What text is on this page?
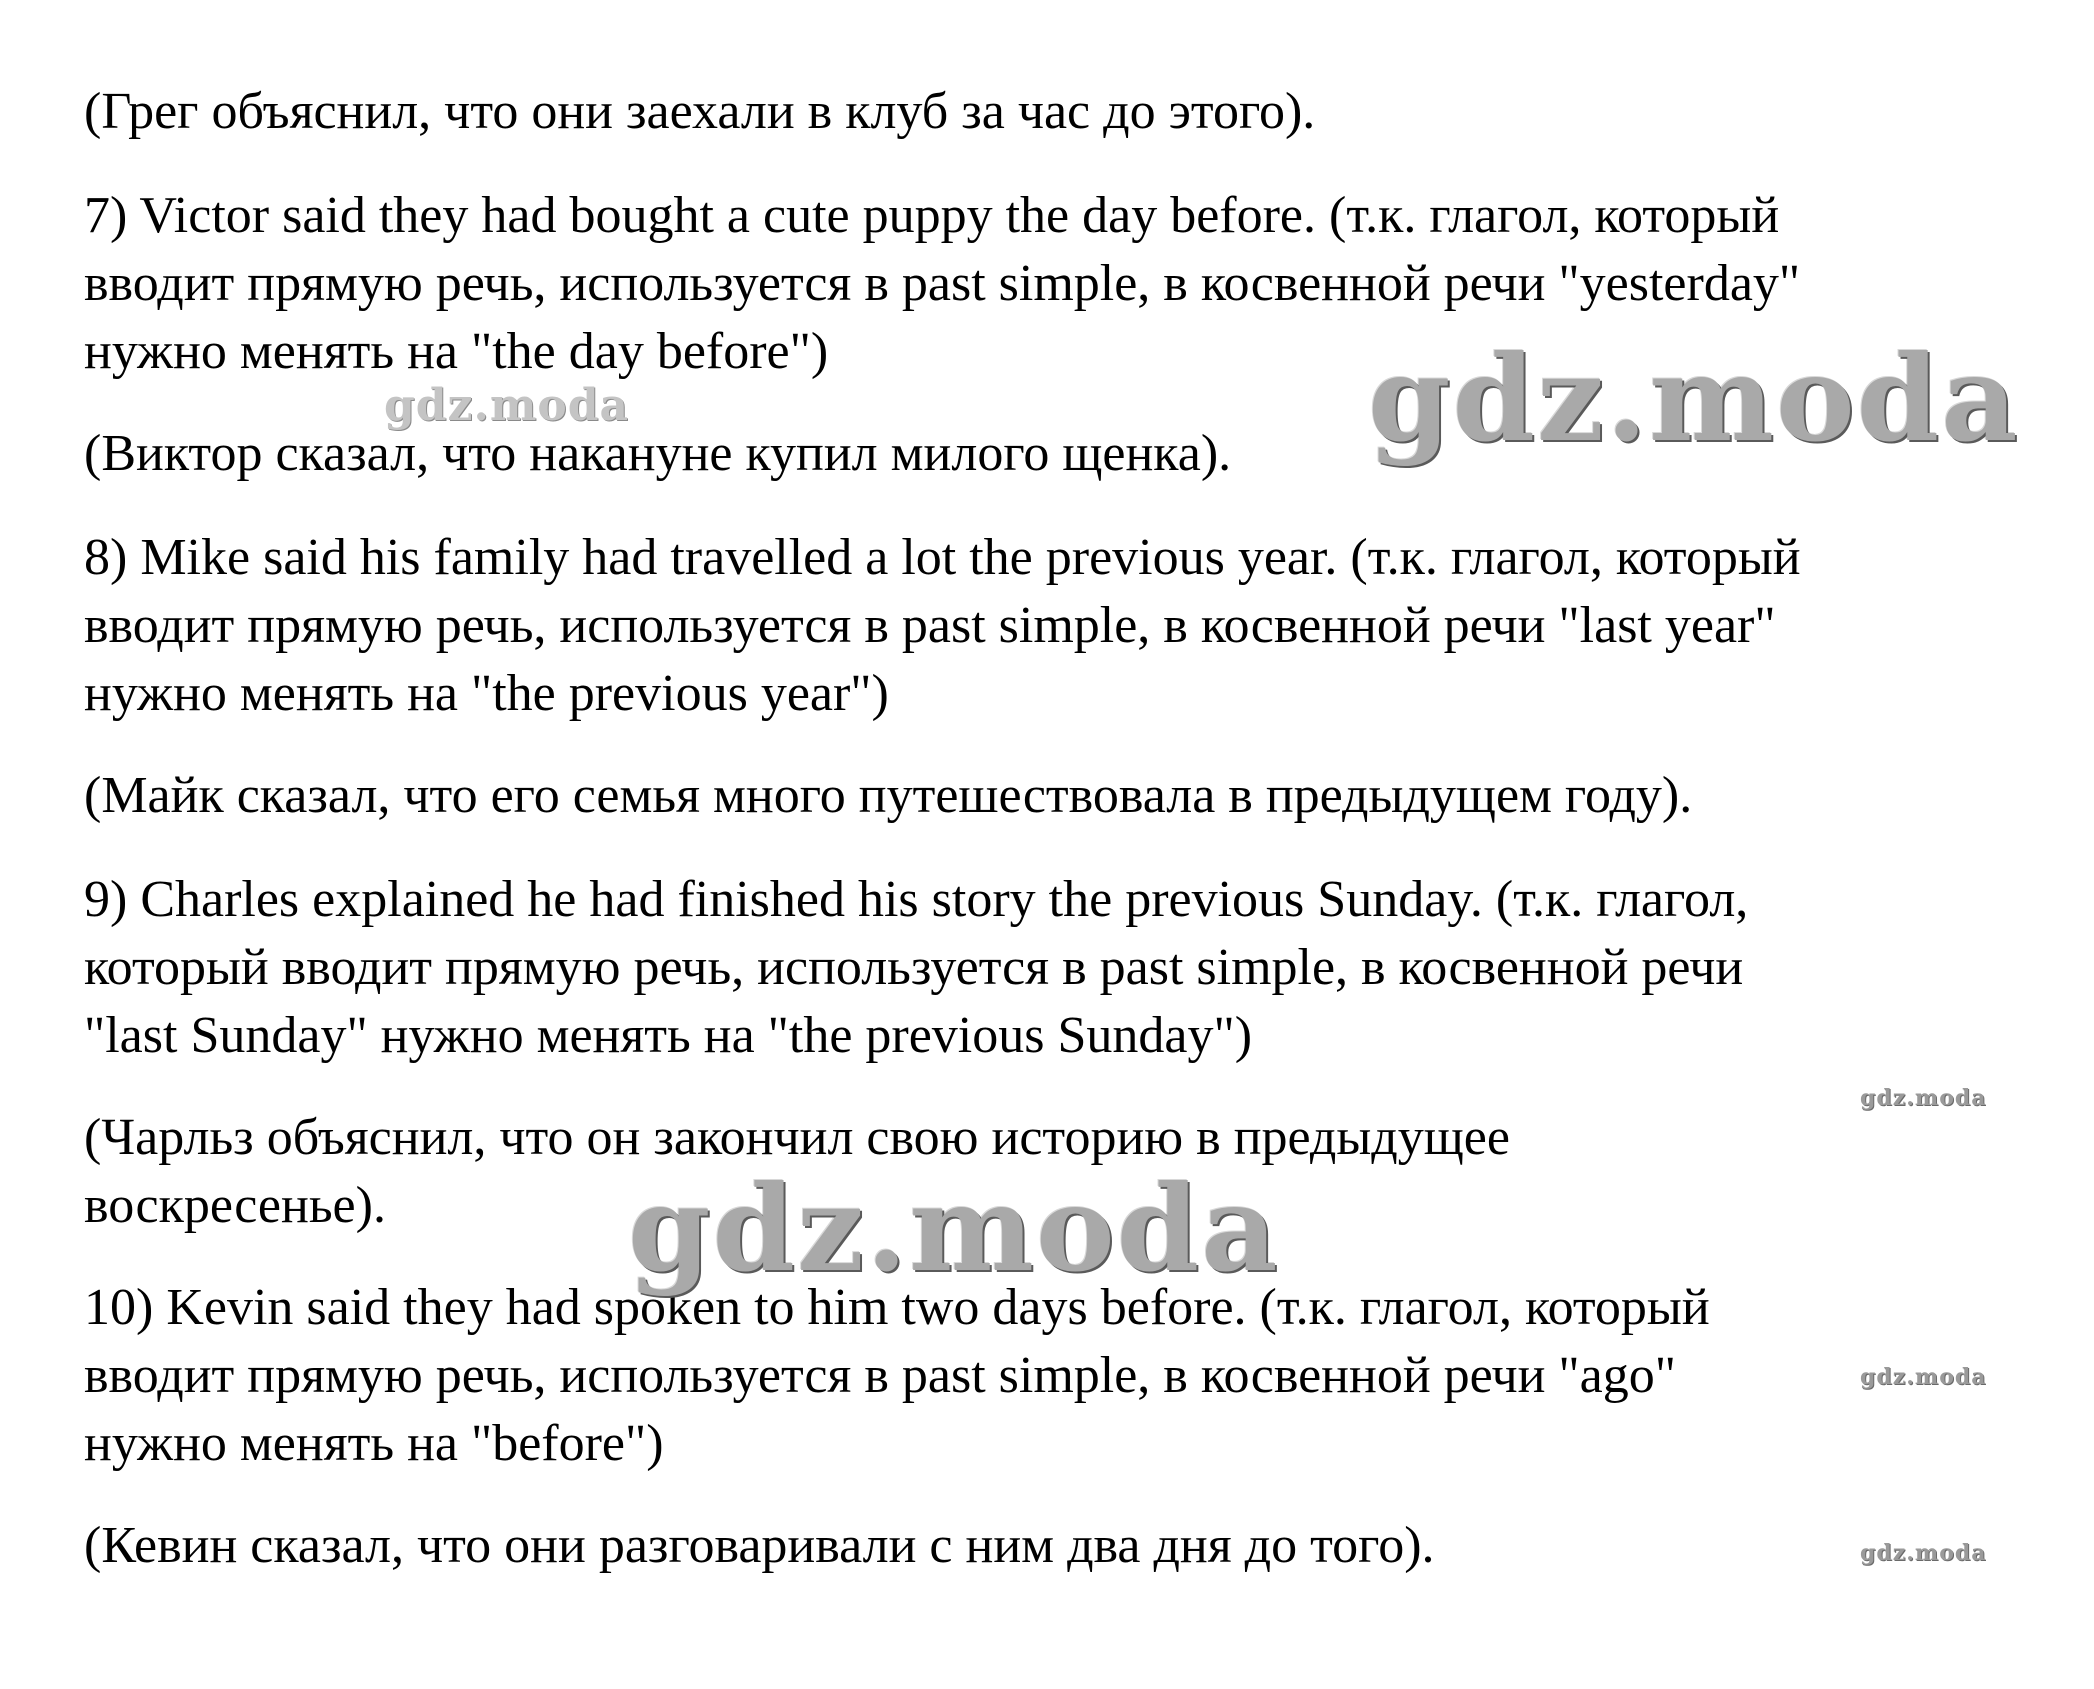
(Грег объяснил, что они заехали в клуб за час до этого).

7) Victor said they had bought a cute puppy the day before. (т.к. глагол, который
вводит прямую речь, используется в past simple, в косвенной речи "yesterday"
нужно менять на "the day before")

(Виктор сказал, что накануне купил милого щенка).

8) Mike said his family had travelled a lot the previous year. (т.к. глагол, который
вводит прямую речь, используется в past simple, в косвенной речи "last year"
нужно менять на "the previous year")

(Майк сказал, что его семья много путешествовала в предыдущем году).

9) Charles explained he had finished his story the previous Sunday. (т.к. глагол,
который вводит прямую речь, используется в past simple, в косвенной речи
"last Sunday" нужно менять на "the previous Sunday")

(Чарльз объяснил, что он закончил свою историю в предыдущее
воскресенье).

10) Kevin said they had spoken to him two days before. (т.к. глагол, который
вводит прямую речь, используется в past simple, в косвенной речи "ago"
нужно менять на "before")

(Кевин сказал, что они разговаривали с ним два дня до того).

gdz.moda
gdz.moda
gdz.moda
gdz.moda
gdz.moda
gdz.moda
